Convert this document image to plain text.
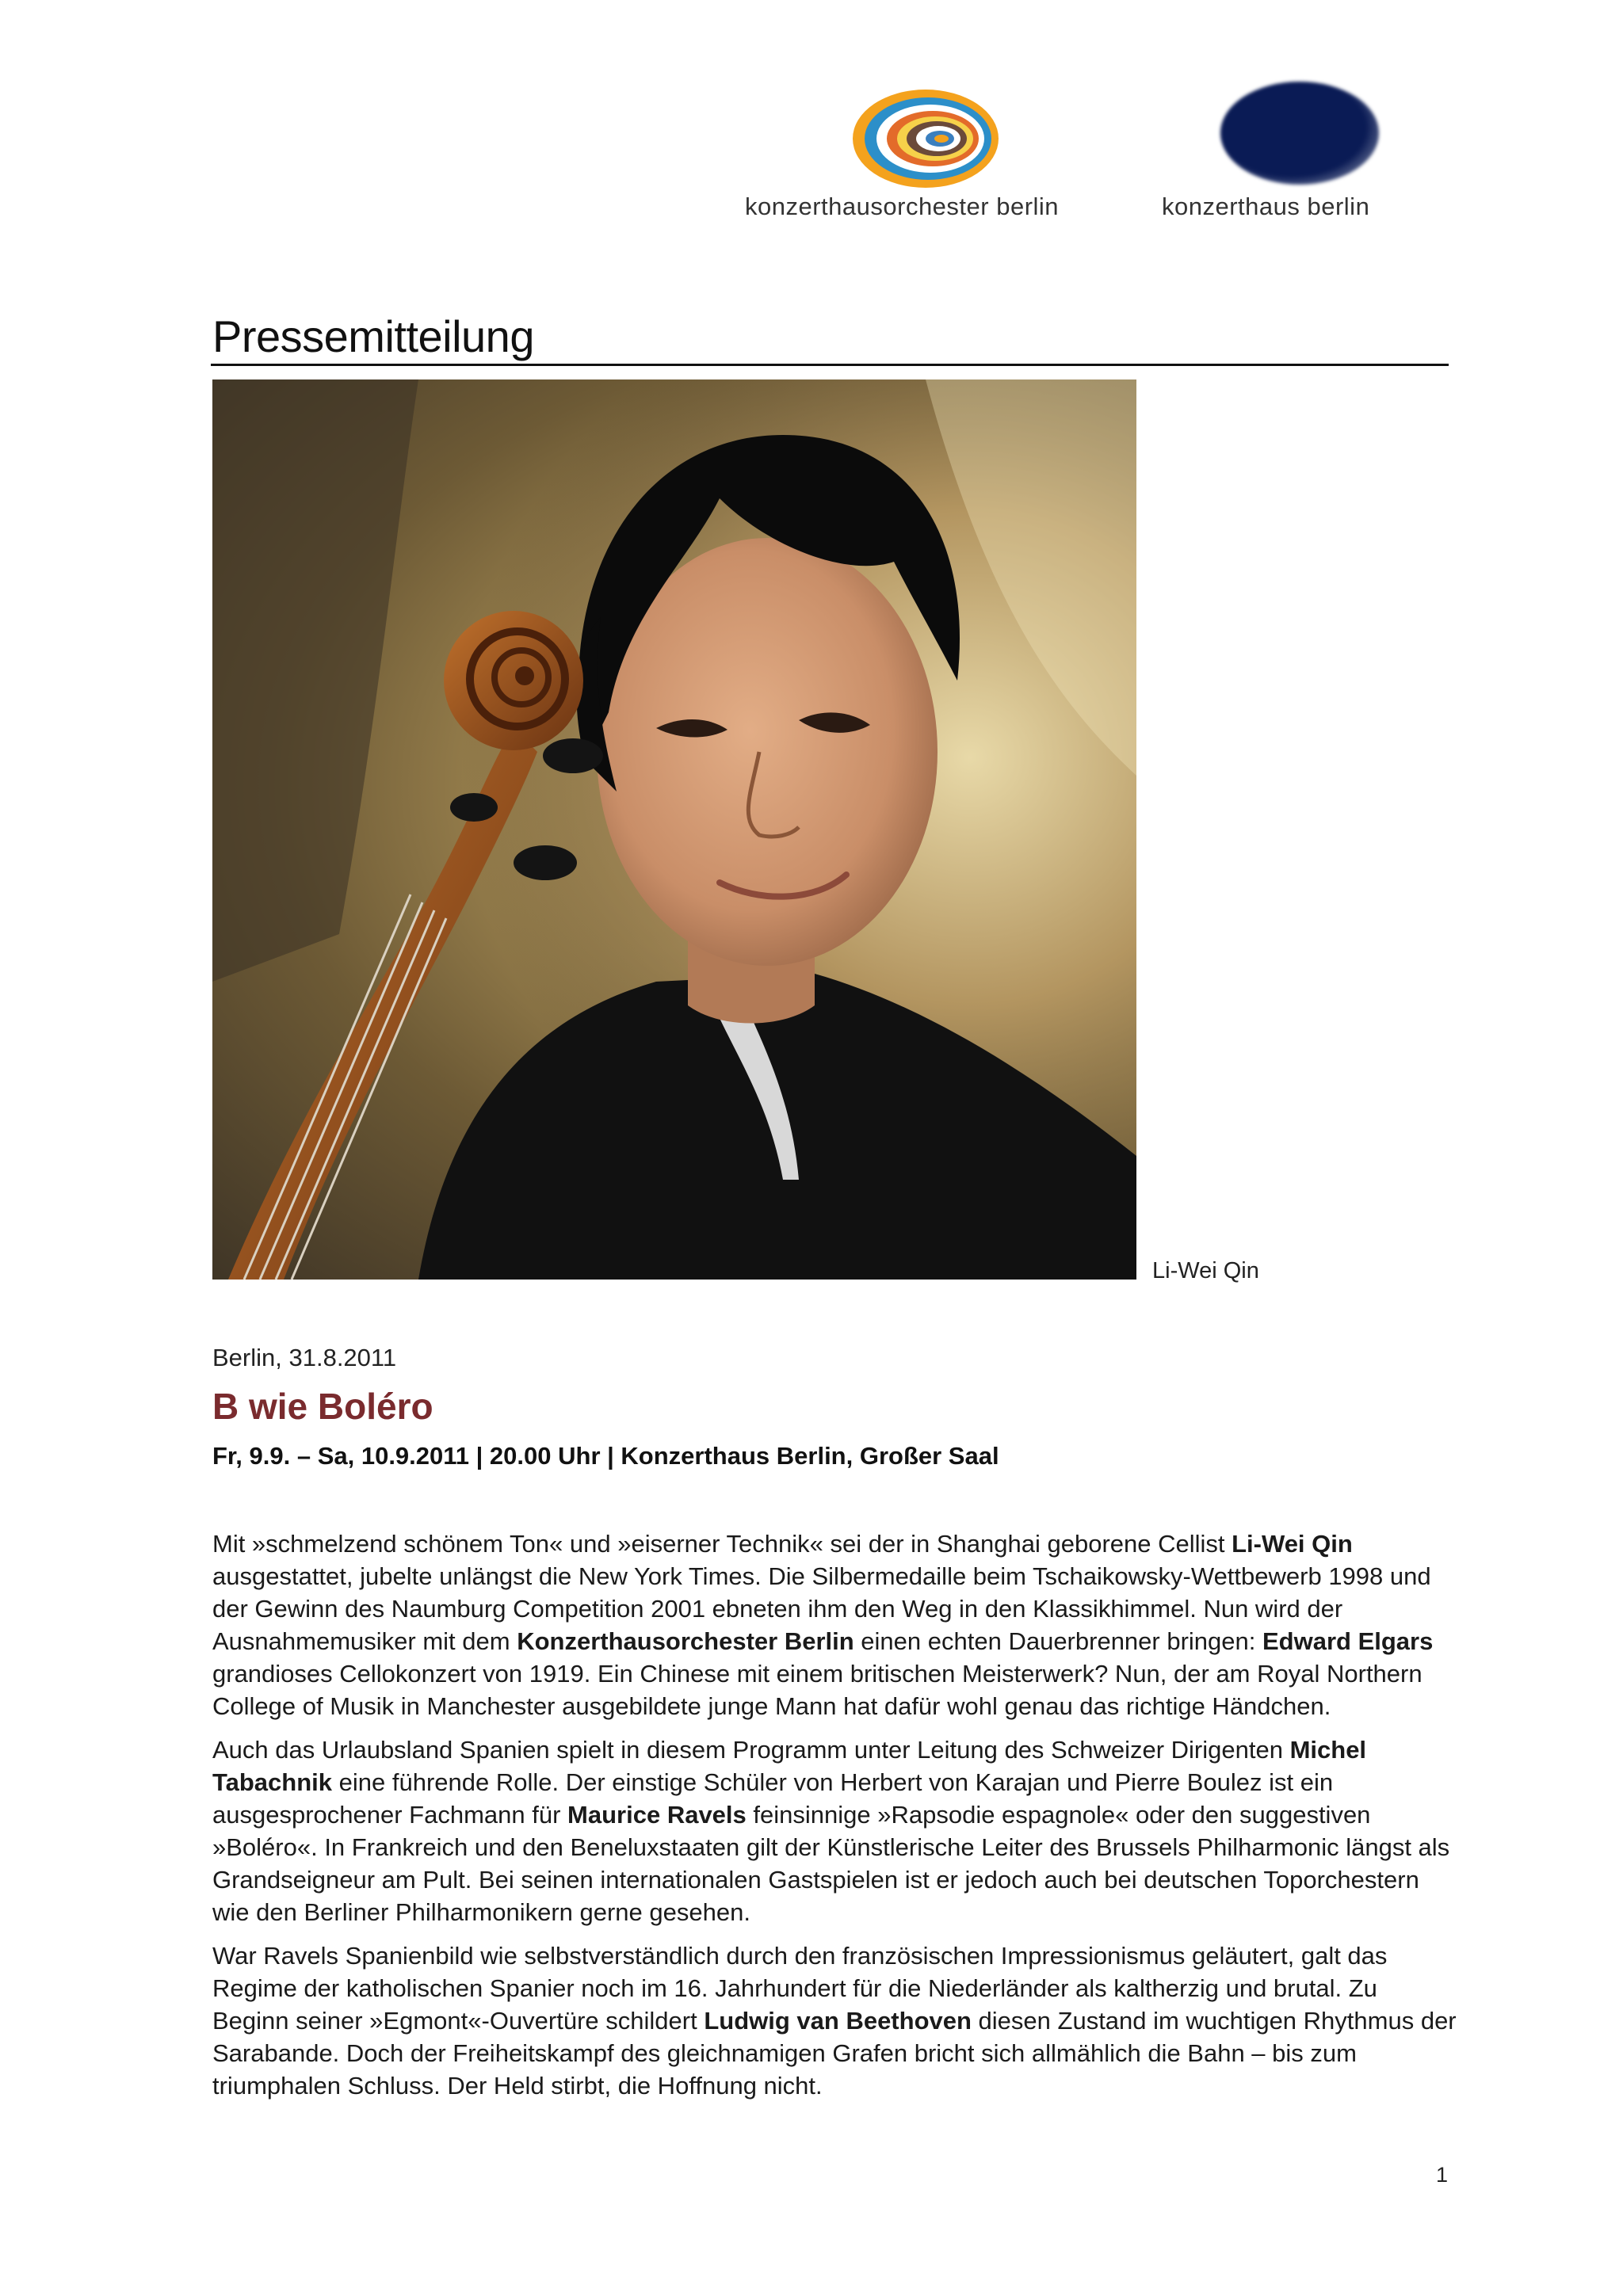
konzerthausorchester berlin	konzerthaus berlin
Pressemitteilung
Li-Wei Qin
Berlin, 31.8.2011
B wie Boléro
Fr, 9.9. – Sa, 10.9.2011 | 20.00 Uhr | Konzerthaus Berlin, Großer Saal

Mit »schmelzend schönem Ton« und »eiserner Technik« sei der in Shanghai geborene Cellist Li-Wei Qin ausgestattet, jubelte unlängst die New York Times. Die Silbermedaille beim Tschaikowsky-Wettbewerb 1998 und der Gewinn des Naumburg Competition 2001 ebneten ihm den Weg in den Klassikhimmel. Nun wird der Ausnahmemusiker mit dem Konzerthausorchester Berlin einen echten Dauerbrenner bringen: Edward Elgars grandioses Cellokonzert von 1919. Ein Chinese mit einem britischen Meisterwerk? Nun, der am Royal Northern College of Musik in Manchester ausgebildete junge Mann hat dafür wohl genau das richtige Händchen.

Auch das Urlaubsland Spanien spielt in diesem Programm unter Leitung des Schweizer Dirigenten Michel Tabachnik eine führende Rolle. Der einstige Schüler von Herbert von Karajan und Pierre Boulez ist ein ausgesprochener Fachmann für Maurice Ravels feinsinnige »Rapsodie espagnole« oder den suggestiven »Boléro«. In Frankreich und den Beneluxstaaten gilt der Künstlerische Leiter des Brussels Philharmonic längst als Grandseigneur am Pult. Bei seinen internationalen Gastspielen ist er jedoch auch bei deutschen Toporchestern wie den Berliner Philharmonikern gerne gesehen.

War Ravels Spanienbild wie selbstverständlich durch den französischen Impressionismus geläutert, galt das Regime der katholischen Spanier noch im 16. Jahrhundert für die Niederländer als kaltherzig und brutal. Zu Beginn seiner »Egmont«-Ouvertüre schildert Ludwig van Beethoven diesen Zustand im wuchtigen Rhythmus der Sarabande. Doch der Freiheitskampf des gleichnamigen Grafen bricht sich allmählich die Bahn – bis zum triumphalen Schluss. Der Held stirbt, die Hoffnung nicht.

1
